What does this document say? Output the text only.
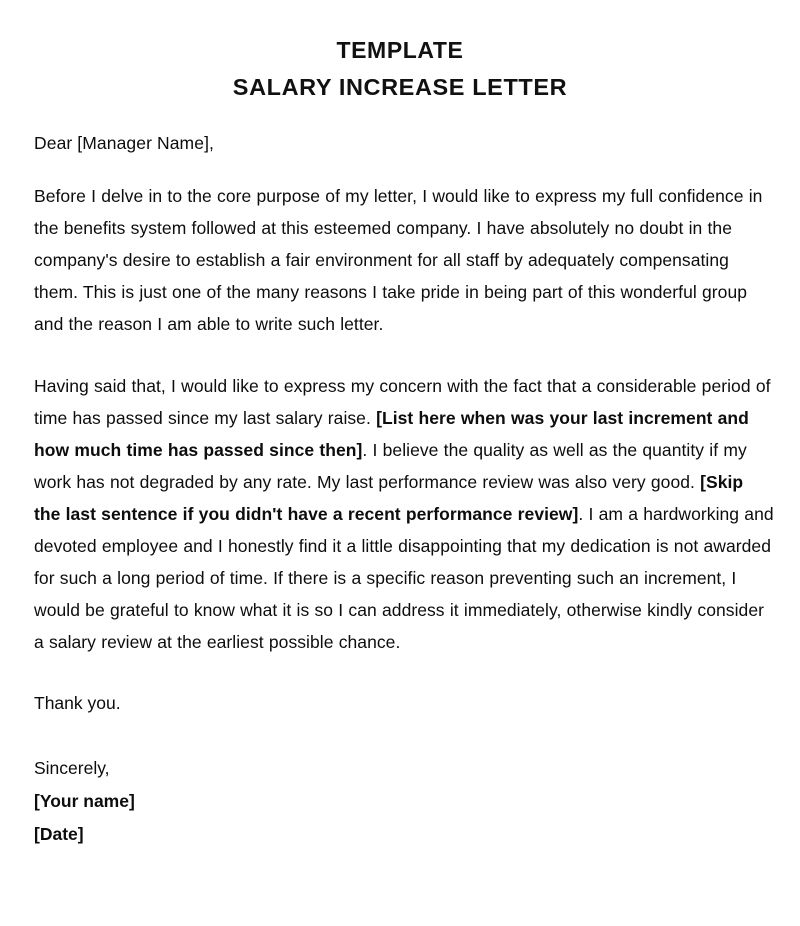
TEMPLATE
SALARY INCREASE LETTER

Dear [Manager Name],

Before I delve in to the core purpose of my letter, I would like to express my full confidence in the benefits system followed at this esteemed company. I have absolutely no doubt in the company's desire to establish a fair environment for all staff by adequately compensating them. This is just one of the many reasons I take pride in being part of this wonderful group and the reason I am able to write such letter.

Having said that, I would like to express my concern with the fact that a considerable period of time has passed since my last salary raise. [List here when was your last increment and how much time has passed since then]. I believe the quality as well as the quantity if my work has not degraded by any rate. My last performance review was also very good. [Skip the last sentence if you didn't have a recent performance review]. I am a hardworking and devoted employee and I honestly find it a little disappointing that my dedication is not awarded for such a long period of time. If there is a specific reason preventing such an increment, I would be grateful to know what it is so I can address it immediately, otherwise kindly consider a salary review at the earliest possible chance.

Thank you.

Sincerely,

[Your name]

[Date]
